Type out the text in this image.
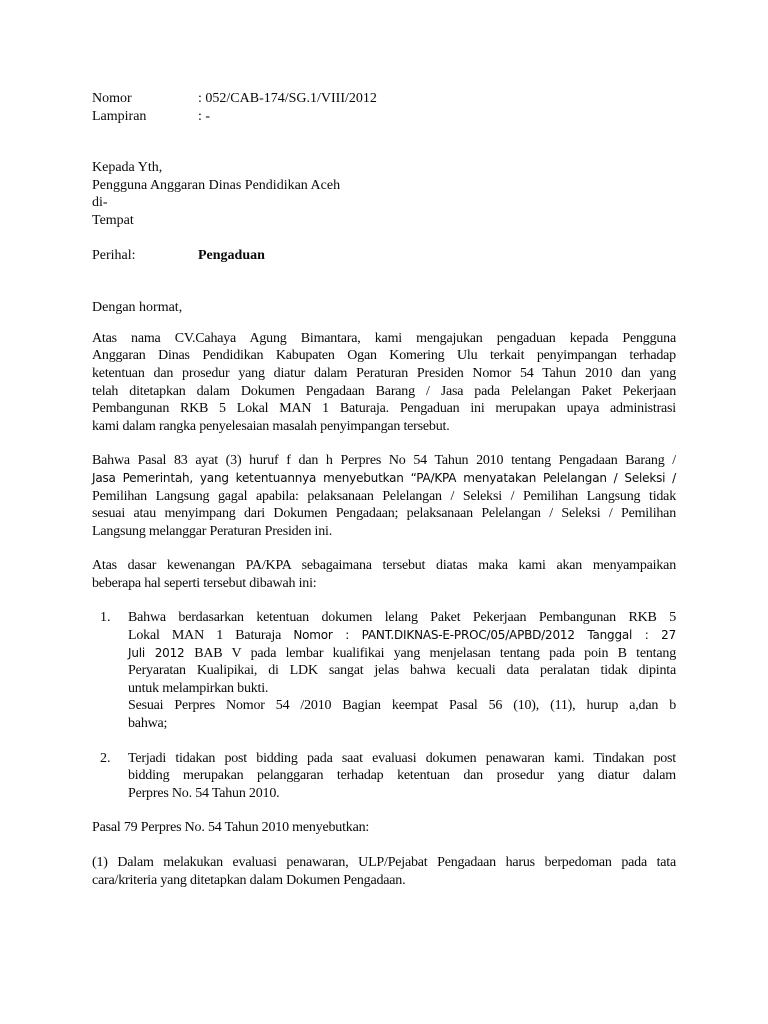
Nomor	: 052/CAB-174/SG.1/VIII/2012
Lampiran	: -
Kepada Yth,
Pengguna Anggaran Dinas Pendidikan Aceh
di-
Tempat
Perihal:	Pengaduan
Dengan hormat,
Atas nama CV.Cahaya Agung Bimantara, kami mengajukan pengaduan kepada Pengguna
Anggaran Dinas Pendidikan Kabupaten Ogan Komering Ulu terkait penyimpangan terhadap
ketentuan dan prosedur yang diatur dalam Peraturan Presiden Nomor 54 Tahun 2010 dan yang
telah ditetapkan dalam Dokumen Pengadaan Barang / Jasa pada Pelelangan Paket Pekerjaan
Pembangunan RKB 5 Lokal MAN 1 Baturaja. Pengaduan ini merupakan upaya administrasi
kami dalam rangka penyelesaian masalah penyimpangan tersebut.
Bahwa Pasal 83 ayat (3) huruf f dan h Perpres No 54 Tahun 2010 tentang Pengadaan Barang /
Jasa Pemerintah, yang ketentuannya menyebutkan “PA/KPA menyatakan Pelelangan / Seleksi /
Pemilihan Langsung gagal apabila: pelaksanaan Pelelangan / Seleksi / Pemilihan Langsung tidak
sesuai atau menyimpang dari Dokumen Pengadaan; pelaksanaan Pelelangan / Seleksi / Pemilihan
Langsung melanggar Peraturan Presiden ini.
Atas dasar kewenangan PA/KPA sebagaimana tersebut diatas maka kami akan menyampaikan
beberapa hal seperti tersebut dibawah ini:
1. Bahwa berdasarkan ketentuan dokumen lelang Paket Pekerjaan Pembangunan RKB 5
Lokal MAN 1 Baturaja Nomor : PANT.DIKNAS-E-PROC/05/APBD/2012 Tanggal : 27
Juli 2012 BAB V pada lembar kualifikai yang menjelasan tentang pada poin B tentang
Peryaratan Kualipikai, di LDK sangat jelas bahwa kecuali data peralatan tidak dipinta
untuk melampirkan bukti.
Sesuai Perpres Nomor 54 /2010 Bagian keempat Pasal 56 (10), (11), hurup a,dan b
bahwa;
2. Terjadi tidakan post bidding pada saat evaluasi dokumen penawaran kami. Tindakan post
bidding merupakan pelanggaran terhadap ketentuan dan prosedur yang diatur dalam
Perpres No. 54 Tahun 2010.
Pasal 79 Perpres No. 54 Tahun 2010 menyebutkan:
(1) Dalam melakukan evaluasi penawaran, ULP/Pejabat Pengadaan harus berpedoman pada tata
cara/kriteria yang ditetapkan dalam Dokumen Pengadaan.
